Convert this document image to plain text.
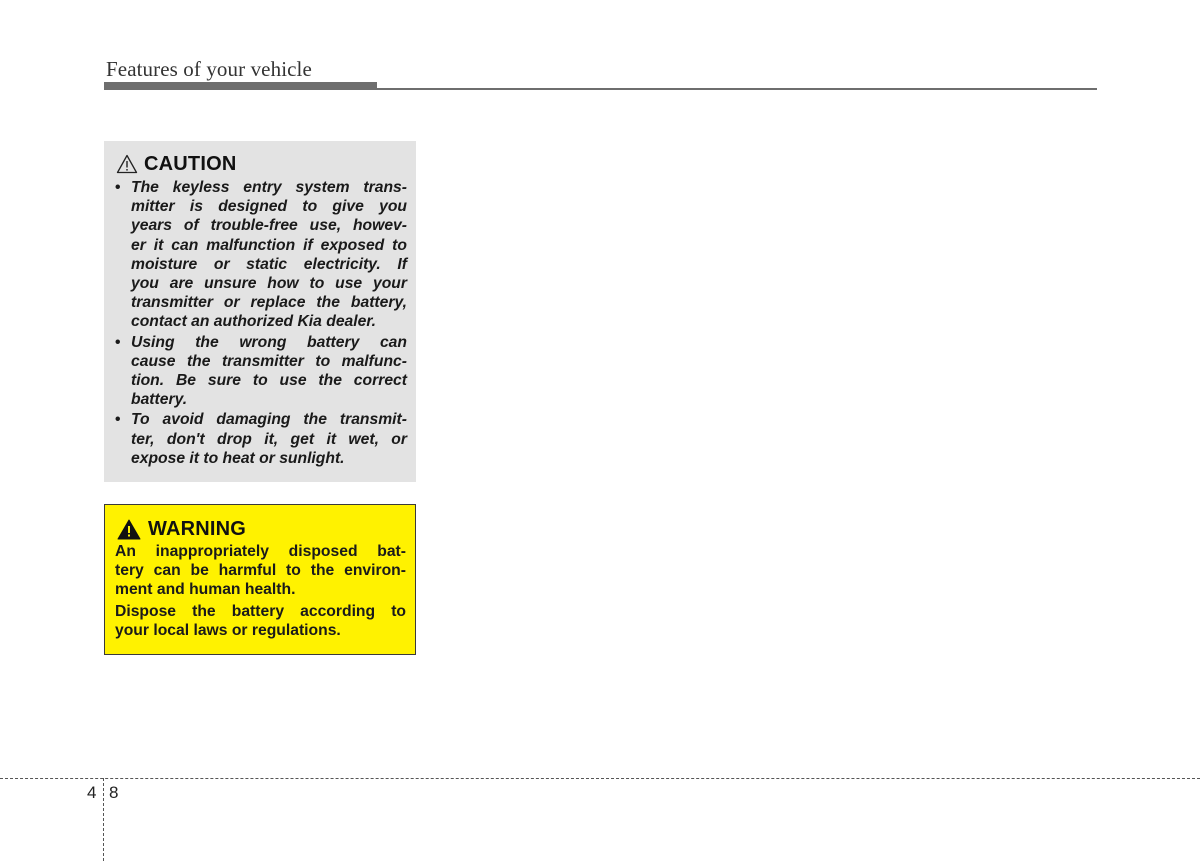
Features of your vehicle
CAUTION
• The keyless entry system trans-
mitter is designed to give you
years of trouble-free use, howev-
er it can malfunction if exposed to
moisture or static electricity. If
you are unsure how to use your
transmitter or replace the battery,
contact an authorized Kia dealer.
• Using the wrong battery can
cause the transmitter to malfunc-
tion. Be sure to use the correct
battery.
• To avoid damaging the transmit-
ter, don't drop it, get it wet, or
expose it to heat or sunlight.
WARNING
An inappropriately disposed bat-
tery can be harmful to the environ-
ment and human health.
Dispose the battery according to
your local laws or regulations.
4 8
